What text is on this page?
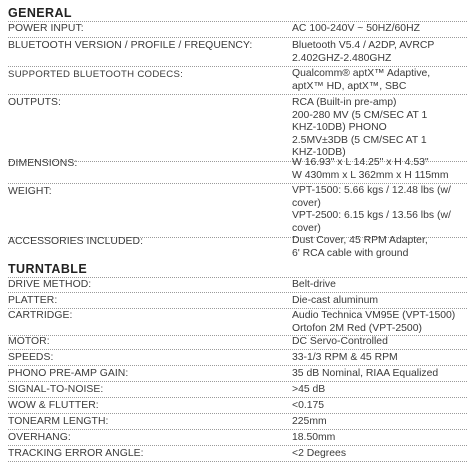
GENERAL
POWER INPUT:	AC 100-240V ~ 50HZ/60HZ
BLUETOOTH VERSION / PROFILE / FREQUENCY:	Bluetooth V5.4 / A2DP, AVRCP
2.402GHZ-2.480GHZ
SUPPORTED BLUETOOTH CODECS:	Qualcomm® aptX™ Adaptive,
aptX™ HD, aptX™, SBC
OUTPUTS:	RCA (Built-in pre-amp)
200-280 MV (5 CM/SEC AT 1
KHZ-10DB) PHONO
2.5MV±3DB (5 CM/SEC AT 1
KHZ-10DB)
DIMENSIONS:	W 16.93" x L 14.25" x H 4.53"
W 430mm x L 362mm x H 115mm
WEIGHT:	VPT-1500: 5.66 kgs / 12.48 lbs (w/
cover)
VPT-2500: 6.15 kgs / 13.56 lbs (w/
cover)
ACCESSORIES INCLUDED:	Dust Cover, 45 RPM Adapter,
6' RCA cable with ground
TURNTABLE
DRIVE METHOD:	Belt-drive
PLATTER:	Die-cast aluminum
CARTRIDGE:	Audio Technica VM95E (VPT-1500)
Ortofon 2M Red (VPT-2500)
MOTOR:	DC Servo-Controlled
SPEEDS:	33-1/3 RPM & 45 RPM
PHONO PRE-AMP GAIN:	35 dB Nominal, RIAA Equalized
SIGNAL-TO-NOISE:	>45 dB
WOW & FLUTTER:	<0.175
TONEARM LENGTH:	225mm
OVERHANG:	18.50mm
TRACKING ERROR ANGLE:	<2 Degrees
